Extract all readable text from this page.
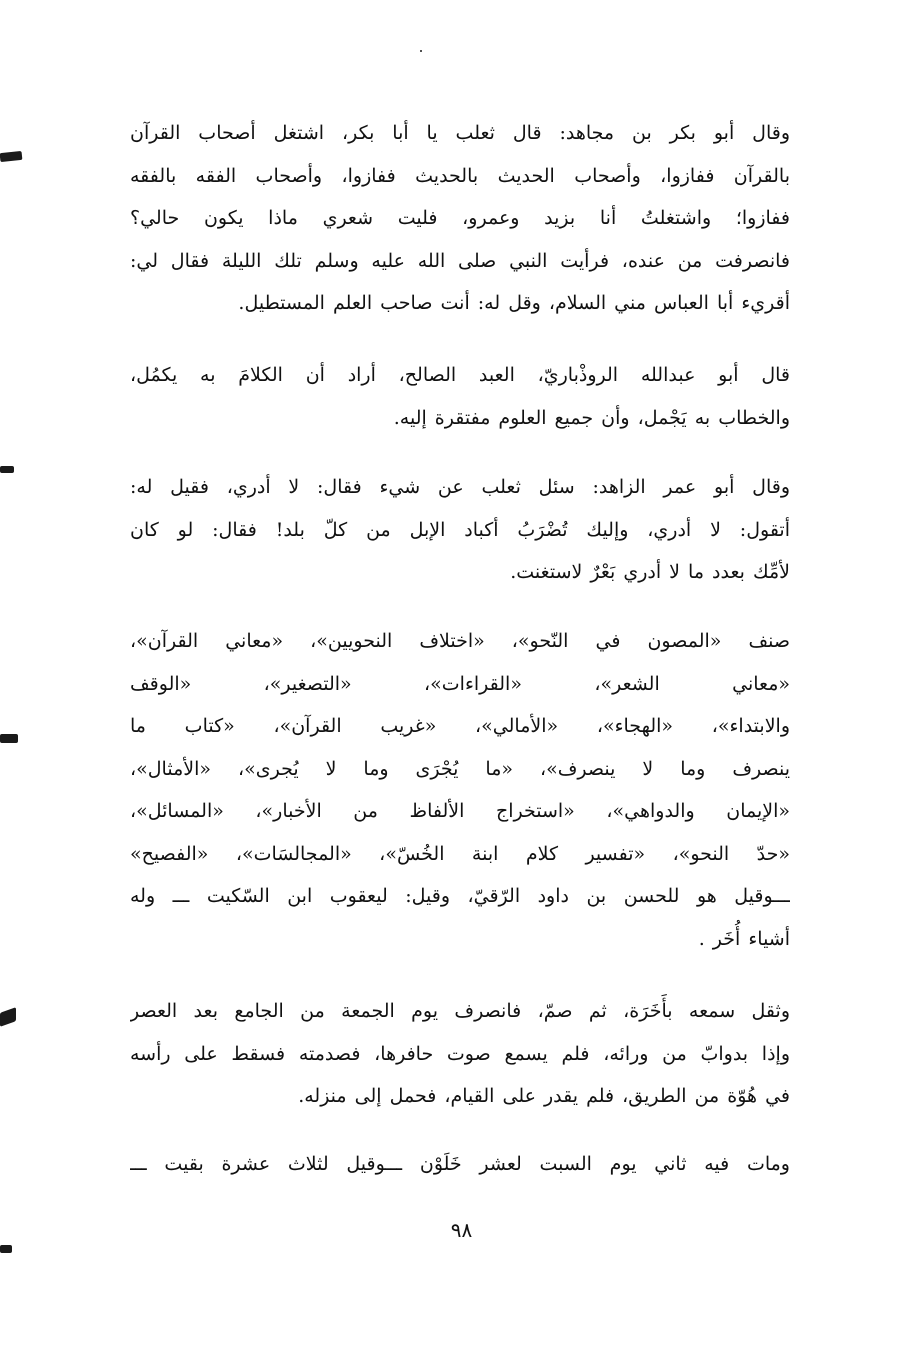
وقال أبو بكر بن مجاهد: قال ثعلب يا أبا بكر، اشتغل أصحاب القرآن
بالقرآن ففازوا، وأصحاب الحديث بالحديث ففازوا، وأصحاب الفقه بالفقه
ففازوا؛ واشتغلتُ أنا بزيد وعمرو، فليت شعري ماذا يكون حالي؟
فانصرفت من عنده، فرأيت النبي صلى الله عليه وسلم تلك الليلة فقال لي:
أقريء أبا العباس مني السلام، وقل له: أنت صاحب العلم المستطيل.
قال أبو عبدالله الروذْباريّ، العبد الصالح، أراد أن الكلامَ به يكمُل،
والخطاب به يَجْمل، وأن جميع العلوم مفتقرة إليه.
وقال أبو عمر الزاهد: سئل ثعلب عن شيء فقال: لا أدري، فقيل له:
أتقول: لا أدري، وإليك تُضْرَبُ أكباد الإبل من كلّ بلد! فقال: لو كان
لأمِّك بعدد ما لا أدري بَعْرٌ لاستغنت.
صنف «المصون في النّحو»، «اختلاف النحويين»، «معاني القرآن»،
«معاني الشعر»، «القراءات»، «التصغير»، «الوقف
والابتداء»، «الهجاء»، «الأمالي»، «غريب القرآن»، «كتاب ما
ينصرف وما لا ينصرف»، «ما يُجْرَى وما لا يُجرى»، «الأمثال»،
«الإيمان والدواهي»، «استخراج الألفاظ من الأخبار»، «المسائل»،
«حدّ النحو»، «تفسير كلام ابنة الخُسّ»، «المجالسَات»، «الفصيح»
ـــوقيل هو للحسن بن داود الرّقيّ، وقيل: ليعقوب ابن السّكيت ـــ وله
أشياء أُخَر .
وثقل سمعه بأَخَرَة، ثم صمّ، فانصرف يوم الجمعة من الجامع بعد العصر
وإذا بدوابّ من ورائه، فلم يسمع صوت حافرها، فصدمته فسقط على رأسه
في هُوّة من الطريق، فلم يقدر على القيام، فحمل إلى منزله.
ومات فيه ثاني يوم السبت لعشر خَلَوْن ـــوقيل لثلاث عشرة بقيت ـــ
٩٨
